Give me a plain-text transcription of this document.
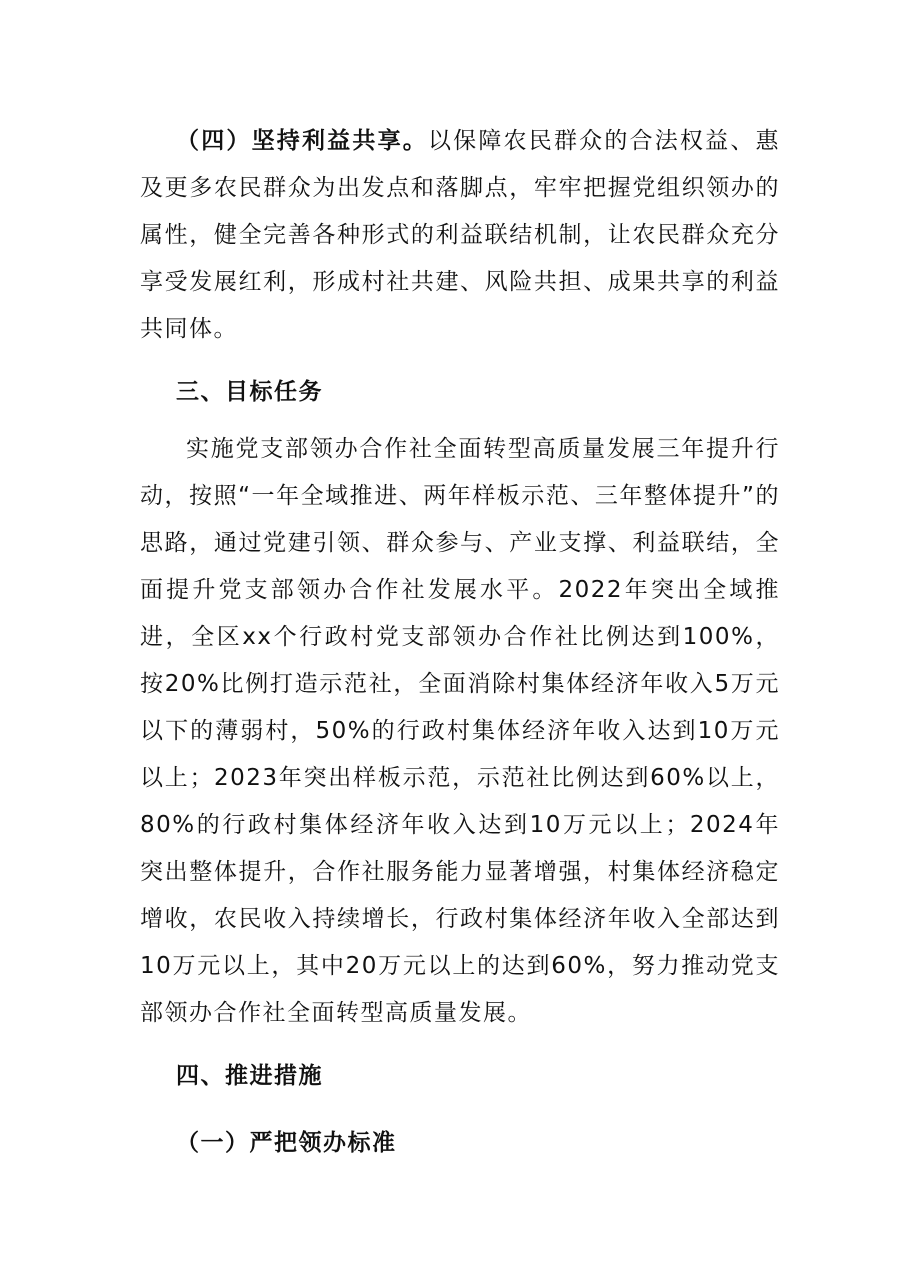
（四）坚持利益共享。以保障农民群众的合法权益、惠及更多农民群众为出发点和落脚点，牢牢把握党组织领办的属性，健全完善各种形式的利益联结机制，让农民群众充分享受发展红利，形成村社共建、风险共担、成果共享的利益共同体。

三、目标任务

实施党支部领办合作社全面转型高质量发展三年提升行动，按照“一年全域推进、两年样板示范、三年整体提升”的思路，通过党建引领、群众参与、产业支撑、利益联结，全面提升党支部领办合作社发展水平。2022年突出全域推进，全区xx个行政村党支部领办合作社比例达到100%，按20%比例打造示范社，全面消除村集体经济年收入5万元以下的薄弱村，50%的行政村集体经济年收入达到10万元以上；2023年突出样板示范，示范社比例达到60%以上，80%的行政村集体经济年收入达到10万元以上；2024年突出整体提升，合作社服务能力显著增强，村集体经济稳定增收，农民收入持续增长，行政村集体经济年收入全部达到10万元以上，其中20万元以上的达到60%，努力推动党支部领办合作社全面转型高质量发展。

四、推进措施

（一）严把领办标准
